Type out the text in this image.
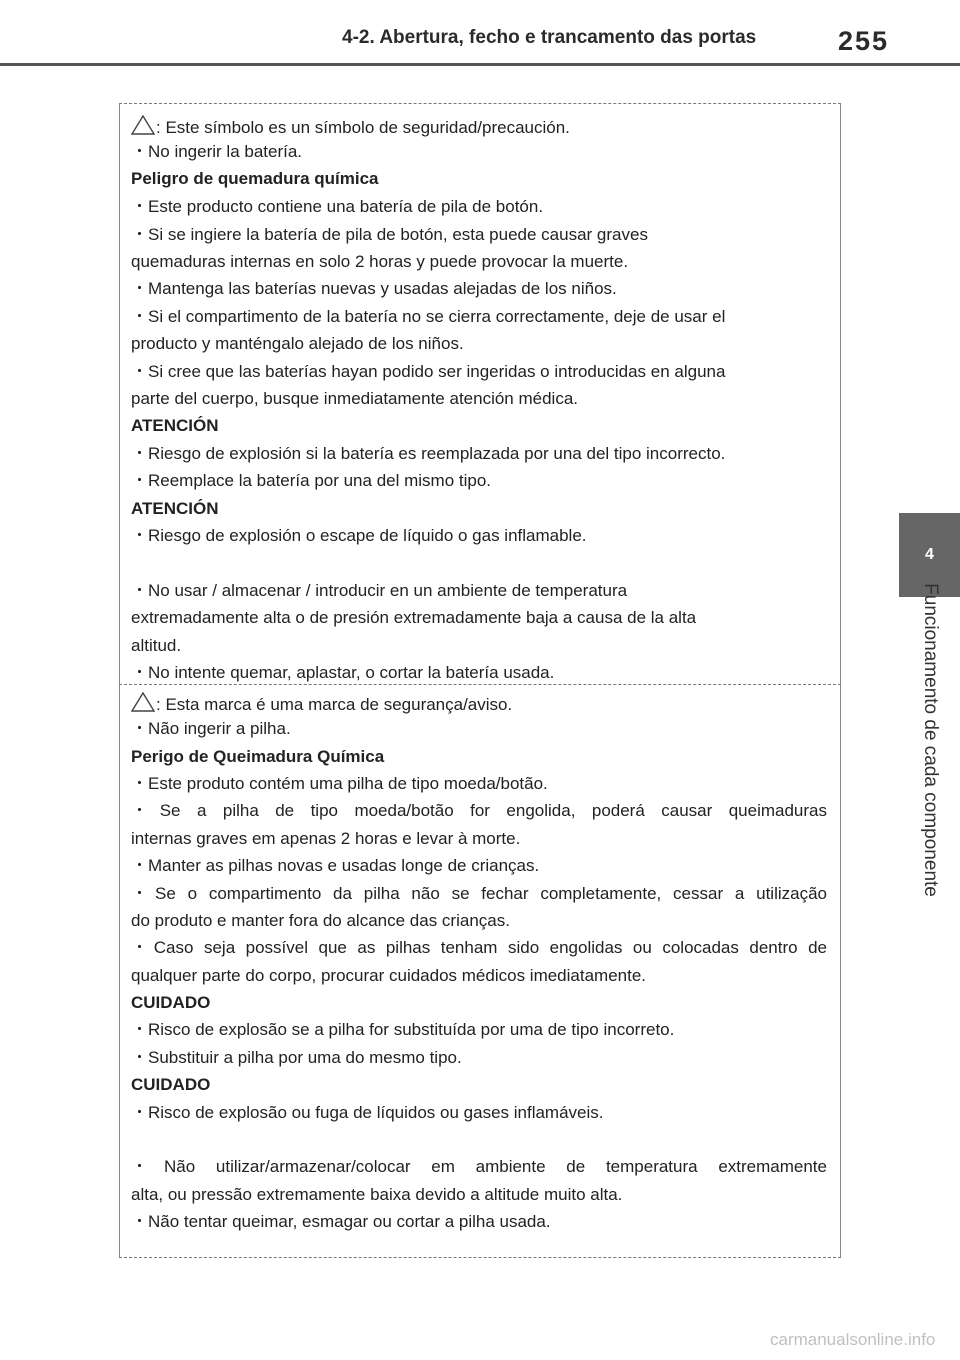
4-2. Abertura, fecho e trancamento das portas	255
4
Funcionamento de cada componente
: Este símbolo es un símbolo de seguridad/precaución.
・No ingerir la batería.
Peligro de quemadura química
・Este producto contiene una batería de pila de botón.
・Si se ingiere la batería de pila de botón, esta puede causar graves
quemaduras internas en solo 2 horas y puede provocar la muerte.
・Mantenga las baterías nuevas y usadas alejadas de los niños.
・Si el compartimento de la batería no se cierra correctamente, deje de usar el
producto y manténgalo alejado de los niños.
・Si cree que las baterías hayan podido ser ingeridas o introducidas en alguna
parte del cuerpo, busque inmediatamente atención médica.
ATENCIÓN
・Riesgo de explosión si la batería es reemplazada por una del tipo incorrecto.
・Reemplace la batería por una del mismo tipo.
ATENCIÓN
・Riesgo de explosión o escape de líquido o gas inflamable.
・No usar / almacenar / introducir en un ambiente de temperatura
extremadamente alta o de presión extremadamente baja a causa de la alta
altitud.
・No intente quemar, aplastar, o cortar la batería usada.
: Esta marca é uma marca de segurança/aviso.
・Não ingerir a pilha.
Perigo de Queimadura Química
・Este produto contém uma pilha de tipo moeda/botão.
・Se a pilha de tipo moeda/botão for engolida, poderá causar queimaduras
internas graves em apenas 2 horas e levar à morte.
・Manter as pilhas novas e usadas longe de crianças.
・Se o compartimento da pilha não se fechar completamente, cessar a utilização
do produto e manter fora do alcance das crianças.
・Caso seja possível que as pilhas tenham sido engolidas ou colocadas dentro de
qualquer parte do corpo, procurar cuidados médicos imediatamente.
CUIDADO
・Risco de explosão se a pilha for substituída por uma de tipo incorreto.
・Substituir a pilha por uma do mesmo tipo.
CUIDADO
・Risco de explosão ou fuga de líquidos ou gases inflamáveis.
・Não utilizar/armazenar/colocar em ambiente de temperatura extremamente
alta, ou pressão extremamente baixa devido a altitude muito alta.
・Não tentar queimar, esmagar ou cortar a pilha usada.
carmanualsonline.info
